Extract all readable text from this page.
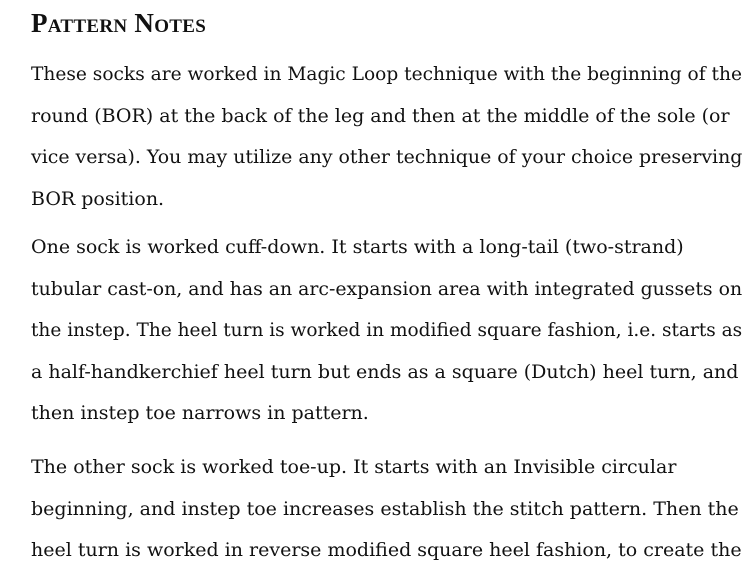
Pattern Notes

These socks are worked in Magic Loop technique with the beginning of the
round (BOR) at the back of the leg and then at the middle of the sole (or
vice versa). You may utilize any other technique of your choice preserving
BOR position.

One sock is worked cuff-down. It starts with a long-tail (two-strand)
tubular cast-on, and has an arc-expansion area with integrated gussets on
the instep. The heel turn is worked in modified square fashion, i.e. starts as
a half-handkerchief heel turn but ends as a square (Dutch) heel turn, and
then instep toe narrows in pattern.

The other sock is worked toe-up. It starts with an Invisible circular
beginning, and instep toe increases establish the stitch pattern. Then the
heel turn is worked in reverse modified square heel fashion, to create the
